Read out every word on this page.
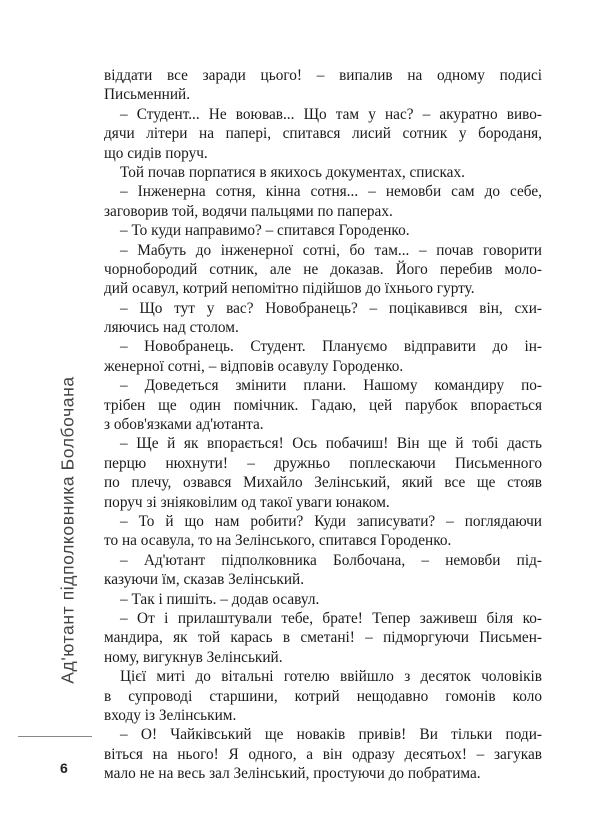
Ад'ютант підполковника Болбочана
6
віддати все заради цього! – випалив на одному подисі
Письменний.
– Студент... Не воював... Що там у нас? – акуратно виво-
дячи літери на папері, спитався лисий сотник у бороданя,
що сидів поруч.
Той почав порпатися в якихось документах, списках.
– Інженерна сотня, кінна сотня... – немовби сам до себе,
заговорив той, водячи пальцями по паперах.
– То куди направимо? – спитався Городенко.
– Мабуть до інженерної сотні, бо там... – почав говорити
чорнобородий сотник, але не доказав. Його перебив моло-
дий осавул, котрий непомітно підійшов до їхнього гурту.
– Що тут у вас? Новобранець? – поцікавився він, схи-
ляючись над столом.
– Новобранець. Студент. Плануємо відправити до ін-
женерної сотні, – відповів осавулу Городенко.
– Доведеться змінити плани. Нашому командиру по-
трібен ще один помічник. Гадаю, цей парубок впорається
з обов'язками ад'ютанта.
– Ще й як впорається! Ось побачиш! Він ще й тобі дасть
перцю нюхнути! – дружньо поплескаючи Письменного
по плечу, озвався Михайло Зелінський, який все ще стояв
поруч зі зніяковілим од такої уваги юнаком.
– То й що нам робити? Куди записувати? – поглядаючи
то на осавула, то на Зелінського, спитався Городенко.
– Ад'ютант підполковника Болбочана, – немовби під-
казуючи їм, сказав Зелінський.
– Так і пишіть. – додав осавул.
– От і прилаштували тебе, брате! Тепер заживеш біля ко-
мандира, як той карась в сметані! – підморгуючи Письмен-
ному, вигукнув Зелінський.
Цієї миті до вітальні готелю ввійшло з десяток чоловіків
в супроводі старшини, котрий нещодавно гомонів коло
входу із Зелінським.
– О! Чайківський ще новаків привів! Ви тільки поди-
віться на нього! Я одного, а він одразу десятьох! – загукав
мало не на весь зал Зелінський, простуючи до побратима.
